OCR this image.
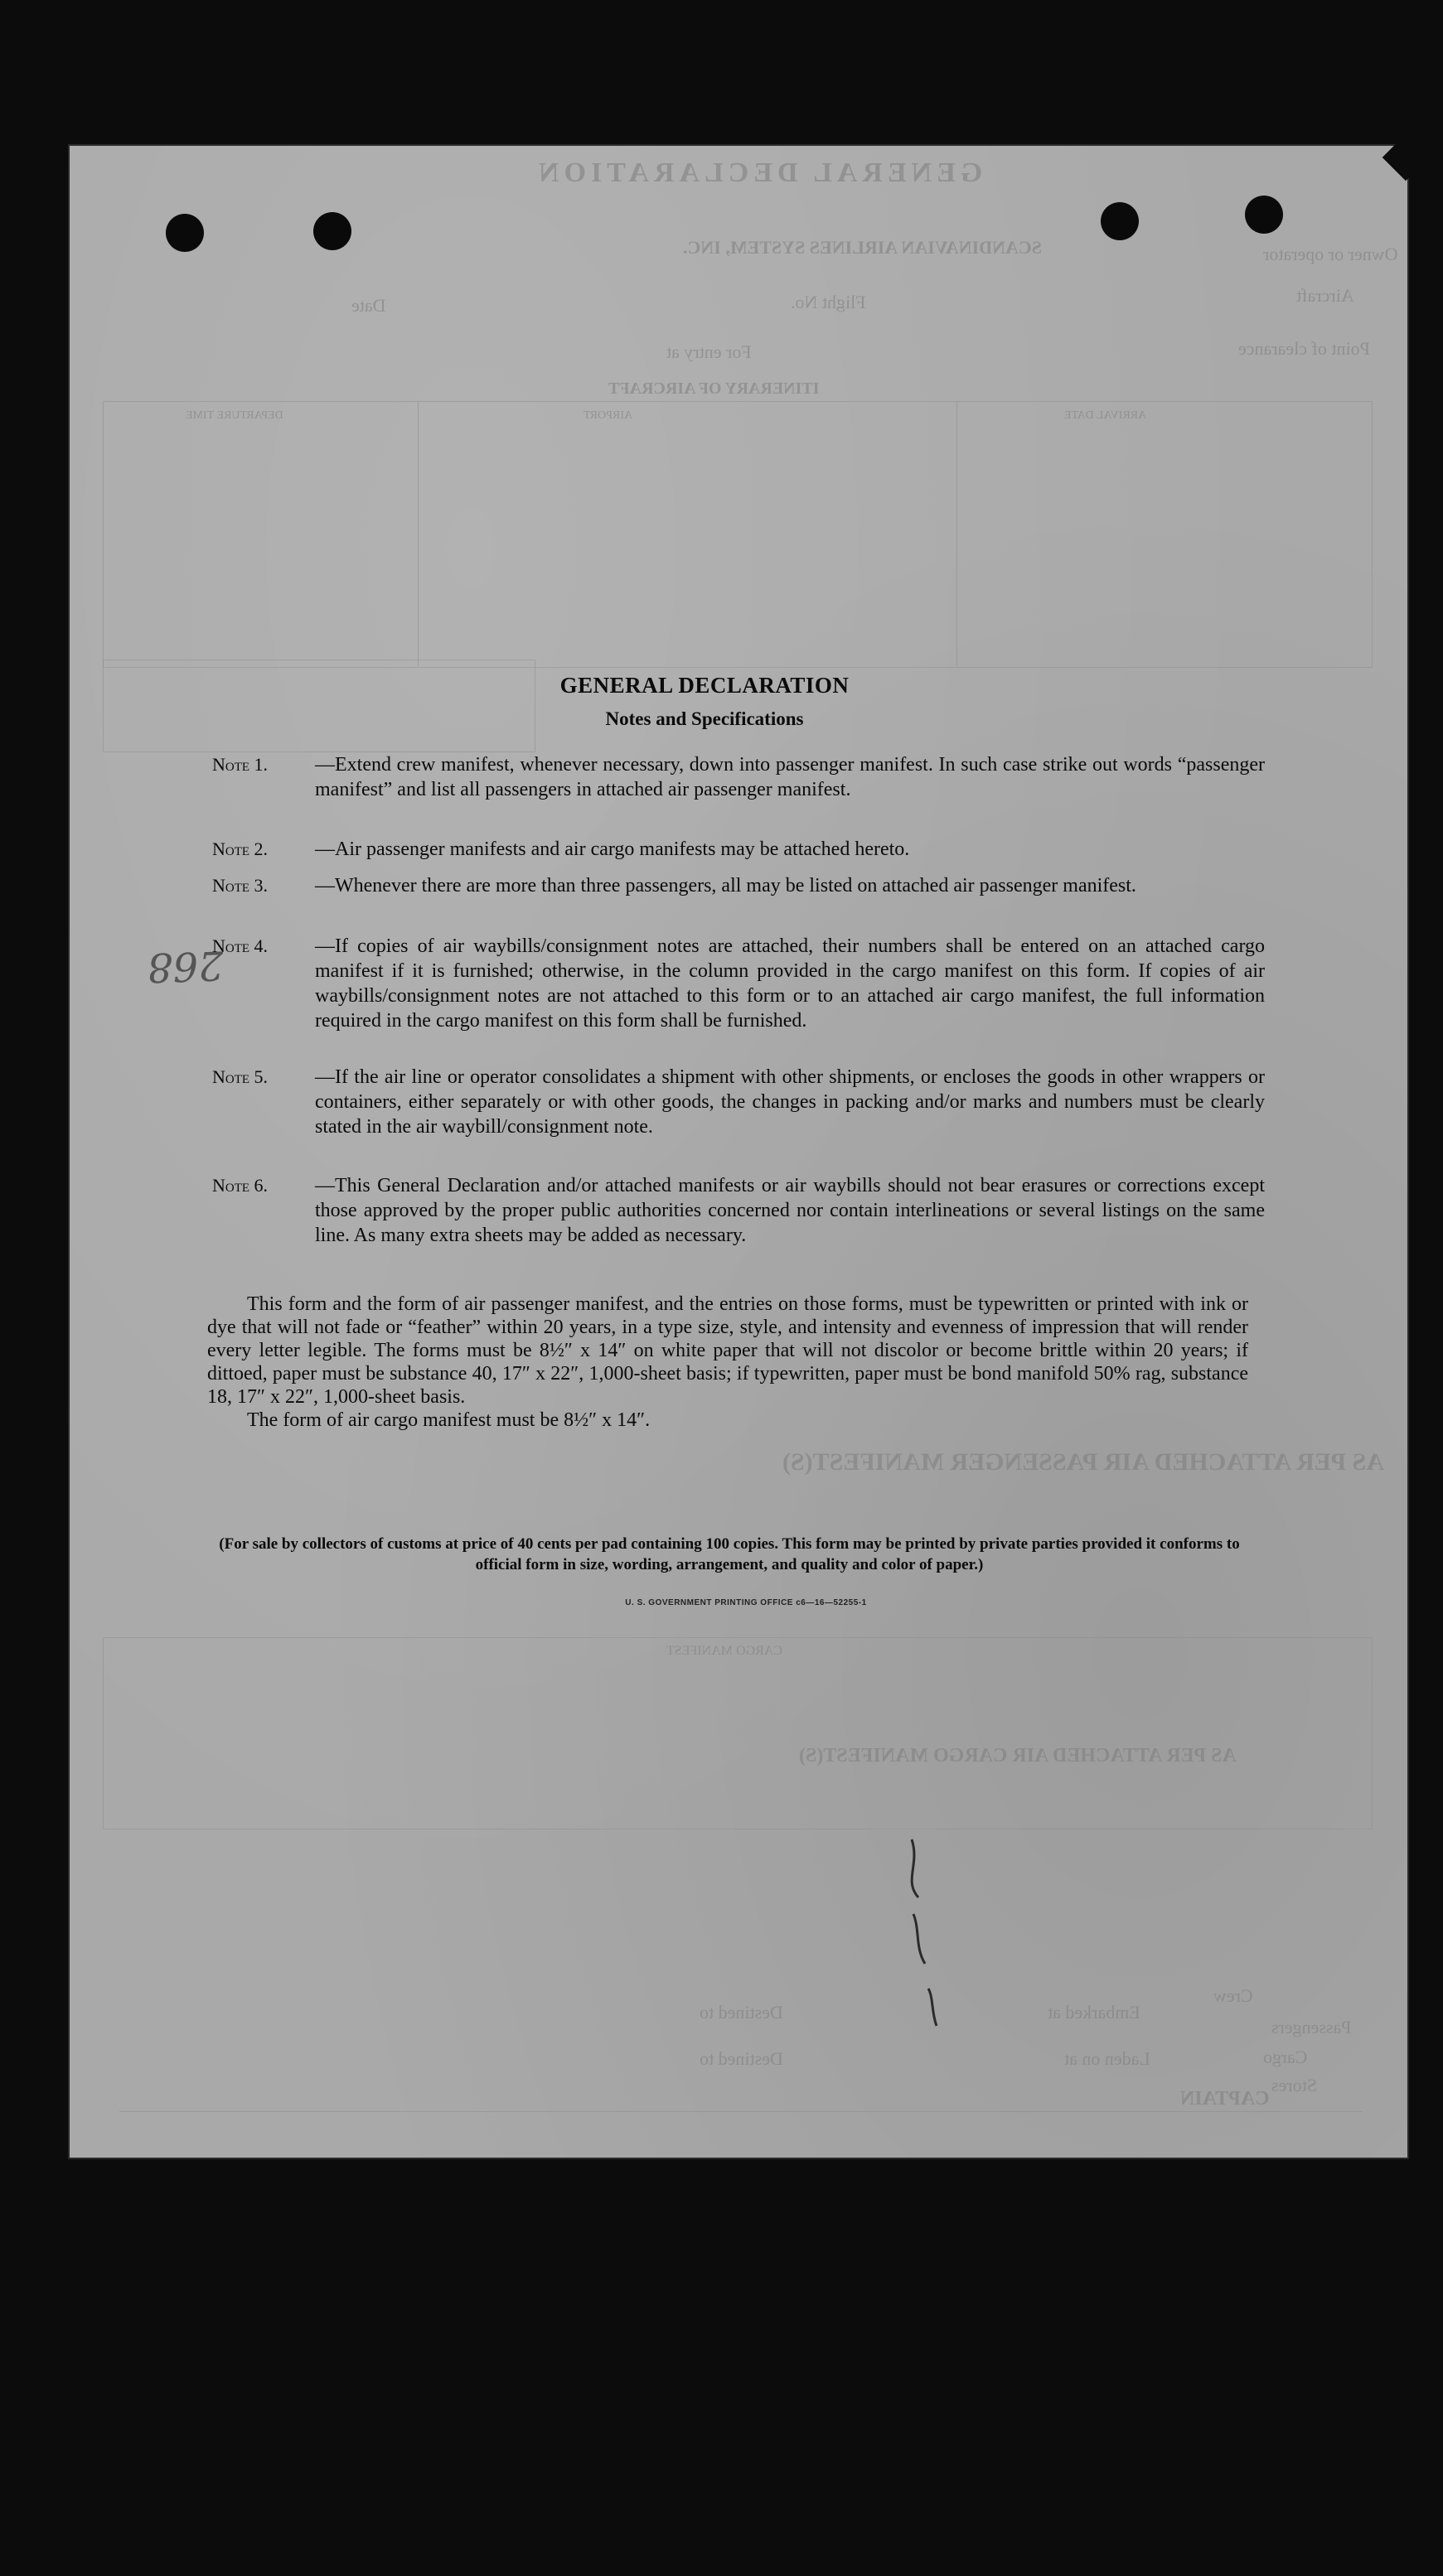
GENERAL DECLARATION
Owner or operator
SCANDINAVIAN AIRLINES SYSTEM, INC.
Aircraft
Flight No.
Date
Point of clearance
For entry at
ITINERARY OF AIRCRAFT
ARRIVAL DATE
AIRPORT
DEPARTURE TIME
AS PER ATTACHED AIR PASSENGER MANIFEST(S)
CARGO MANIFEST
AS PER ATTACHED AIR CARGO MANIFEST(S)
Crew
Embarked at
Destined to
Passengers
Cargo
Laden on at
Destined to
Stores
CAPTAIN
268
GENERAL DECLARATION
Notes and Specifications
Note 1.	—Extend crew manifest, whenever necessary, down into passenger manifest. In such case strike out words “passenger manifest” and list all passengers in attached air passenger manifest.
Note 2.	—Air passenger manifests and air cargo manifests may be attached hereto.
Note 3.	—Whenever there are more than three passengers, all may be listed on attached air passenger manifest.
Note 4.	—If copies of air waybills/consignment notes are attached, their numbers shall be entered on an attached cargo manifest if it is furnished; otherwise, in the column provided in the cargo manifest on this form. If copies of air waybills/consignment notes are not attached to this form or to an attached air cargo manifest, the full information required in the cargo manifest on this form shall be furnished.
Note 5.	—If the air line or operator consolidates a shipment with other shipments, or encloses the goods in other wrappers or containers, either separately or with other goods, the changes in packing and/or marks and numbers must be clearly stated in the air waybill/consignment note.
Note 6.	—This General Declaration and/or attached manifests or air waybills should not bear erasures or corrections except those approved by the proper public authorities concerned nor contain interlineations or several listings on the same line. As many extra sheets may be added as necessary.

This form and the form of air passenger manifest, and the entries on those forms, must be typewritten or printed with ink or dye that will not fade or “feather” within 20 years, in a type size, style, and intensity and evenness of impression that will render every letter legible. The forms must be 8½″ x 14″ on white paper that will not discolor or become brittle within 20 years; if dittoed, paper must be substance 40, 17″ x 22″, 1,000-sheet basis; if typewritten, paper must be bond manifold 50% rag, substance 18, 17″ x 22″, 1,000-sheet basis.

The form of air cargo manifest must be 8½″ x 14″.

(For sale by collectors of customs at price of 40 cents per pad containing 100 copies. This form may be printed by private parties provided it conforms to official form in size, wording, arrangement, and quality and color of paper.)
U. S. GOVERNMENT PRINTING OFFICE c6—16—52255-1
